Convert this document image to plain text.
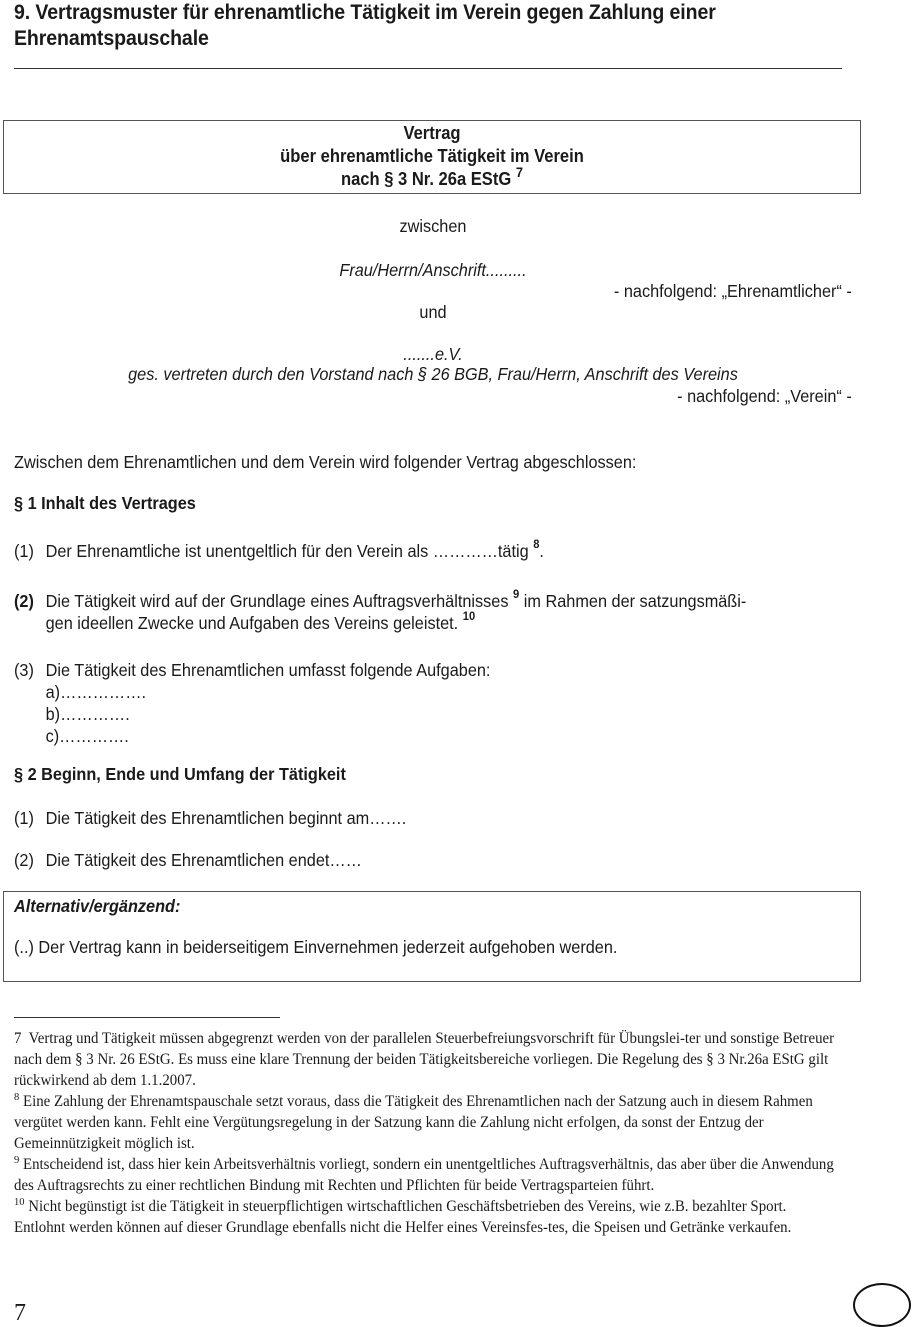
9. Vertragsmuster für ehrenamtliche Tätigkeit im Verein gegen Zahlung einer Ehrenamtspauschale
Vertrag
über ehrenamtliche Tätigkeit im Verein
nach § 3 Nr. 26a EStG $^7$
zwischen
Frau/Herrn/Anschrift.........
- nachfolgend: „Ehrenamtlicher“ -
und
.......e.V.
ges. vertreten durch den Vorstand nach § 26 BGB, Frau/Herrn, Anschrift des Vereins
- nachfolgend: „Verein“ -
Zwischen dem Ehrenamtlichen und dem Verein wird folgender Vertrag abgeschlossen:
§ 1 Inhalt des Vertrages
(1) Der Ehrenamtliche ist unentgeltlich für den Verein als …………tätig $^8$.
(2) Die Tätigkeit wird auf der Grundlage eines Auftragsverhältnisses $^9$ im Rahmen der satzungsmäßi-
gen ideellen Zwecke und Aufgaben des Vereins geleistet. $^{10}$
(3) Die Tätigkeit des Ehrenamtlichen umfasst folgende Aufgaben:
a)…………….
b)………….
c)………….
§ 2 Beginn, Ende und Umfang der Tätigkeit
(1) Die Tätigkeit des Ehrenamtlichen beginnt am…….
(2) Die Tätigkeit des Ehrenamtlichen endet……
Alternativ/ergänzend:
(..) Der Vertrag kann in beiderseitigem Einvernehmen jederzeit aufgehoben werden.

7 Vertrag und Tätigkeit müssen abgegrenzt werden von der parallelen Steuerbefreiungsvorschrift für Übungslei-ter und sonstige Betreuer nach dem § 3 Nr. 26 EStG. Es muss eine klare Trennung der beiden Tätigkeitsbereiche vorliegen. Die Regelung des § 3 Nr.26a EStG gilt rückwirkend ab dem 1.1.2007.

$^8$ Eine Zahlung der Ehrenamtspauschale setzt voraus, dass die Tätigkeit des Ehrenamtlichen nach der Satzung auch in diesem Rahmen vergütet werden kann. Fehlt eine Vergütungsregelung in der Satzung kann die Zahlung nicht erfolgen, da sonst der Entzug der Gemeinnützigkeit möglich ist.

$^9$ Entscheidend ist, dass hier kein Arbeitsverhältnis vorliegt, sondern ein unentgeltliches Auftragsverhältnis, das aber über die Anwendung des Auftragsrechts zu einer rechtlichen Bindung mit Rechten und Pflichten für beide Vertragsparteien führt.

$^{10}$ Nicht begünstigt ist die Tätigkeit in steuerpflichtigen wirtschaftlichen Geschäftsbetrieben des Vereins, wie z.B. bezahlter Sport. Entlohnt werden können auf dieser Grundlage ebenfalls nicht die Helfer eines Vereinsfes-tes, die Speisen und Getränke verkaufen.

7
